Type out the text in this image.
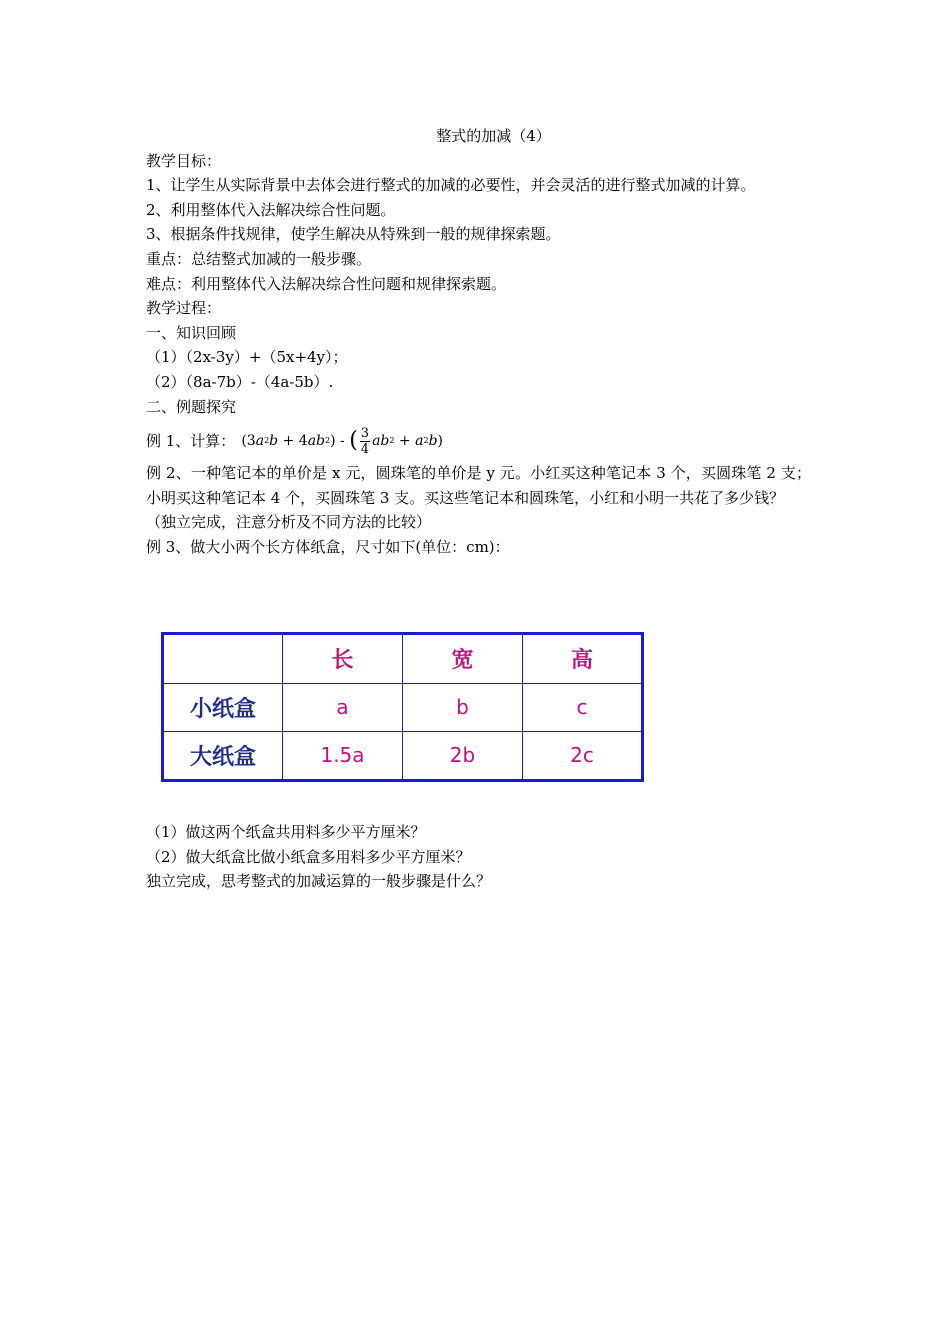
整式的加减（4）

教学目标：

1、让学生从实际背景中去体会进行整式的加减的必要性，并会灵活的进行整式加减的计算。

2、利用整体代入法解决综合性问题。

3、根据条件找规律，使学生解决从特殊到一般的规律探索题。

重点：总结整式加减的一般步骤。

难点：利用整体代入法解决综合性问题和规律探索题。

教学过程：

一、知识回顾

（1）（2x-3y）+（5x+4y）；

（2）（8a-7b）-（4a-5b）.

二、例题探究

例 1、计算： ( 3 a 2 b + 4 ab 2 ) - ( $\frac{3}{4}$ ab 2 + a 2 b )

例 2、一种笔记本的单价是 x 元，圆珠笔的单价是 y 元。小红买这种笔记本 3 个，买圆珠笔 2 支；小明买这种笔记本 4 个，买圆珠笔 3 支。买这些笔记本和圆珠笔，小红和小明一共花了多少钱？

（独立完成，注意分析及不同方法的比较）

例 3、做大小两个长方体纸盒，尺寸如下(单位：cm)：

	长	宽	高
小纸盒	a	b	c
大纸盒	1.5a	2b	2c

（1）做这两个纸盒共用料多少平方厘米？

（2）做大纸盒比做小纸盒多用料多少平方厘米？

独立完成，思考整式的加减运算的一般步骤是什么？
